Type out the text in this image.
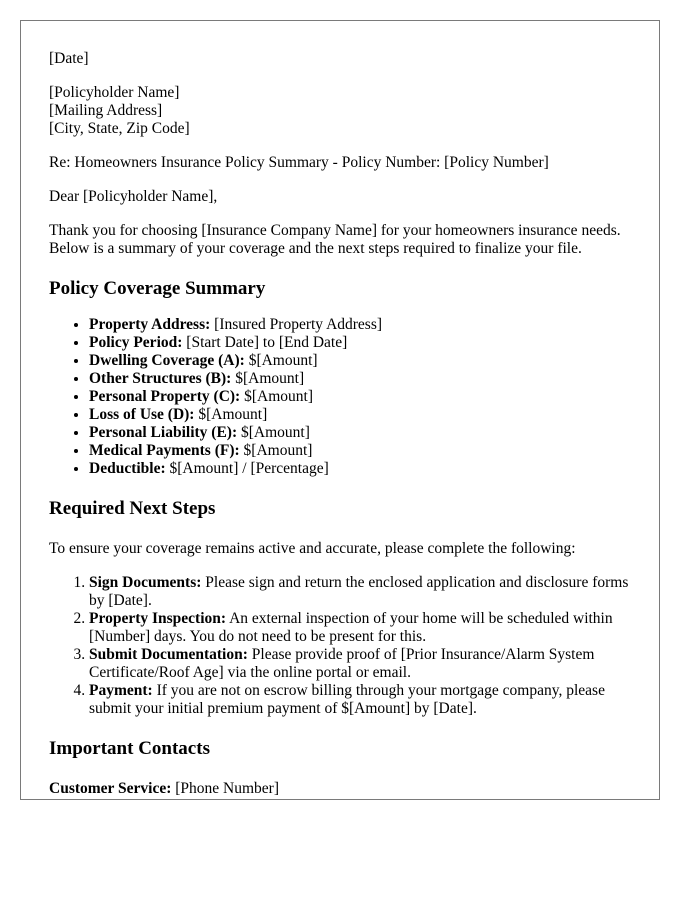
[Date]

[Policyholder Name]
[Mailing Address]
[City, State, Zip Code]

Re: Homeowners Insurance Policy Summary - Policy Number: [Policy Number]

Dear [Policyholder Name],

Thank you for choosing [Insurance Company Name] for your homeowners insurance needs. Below is a summary of your coverage and the next steps required to finalize your file.

Policy Coverage Summary
• Property Address: [Insured Property Address]
• Policy Period: [Start Date] to [End Date]
• Dwelling Coverage (A): $[Amount]
• Other Structures (B): $[Amount]
• Personal Property (C): $[Amount]
• Loss of Use (D): $[Amount]
• Personal Liability (E): $[Amount]
• Medical Payments (F): $[Amount]
• Deductible: $[Amount] / [Percentage]
Required Next Steps

To ensure your coverage remains active and accurate, please complete the following:

1. Sign Documents: Please sign and return the enclosed application and disclosure forms by [Date].
2. Property Inspection: An external inspection of your home will be scheduled within [Number] days. You do not need to be present for this.
3. Submit Documentation: Please provide proof of [Prior Insurance/Alarm System Certificate/Roof Age] via the online portal or email.
4. Payment: If you are not on escrow billing through your mortgage company, please submit your initial premium payment of $[Amount] by [Date].
Important Contacts

Customer Service: [Phone Number]
